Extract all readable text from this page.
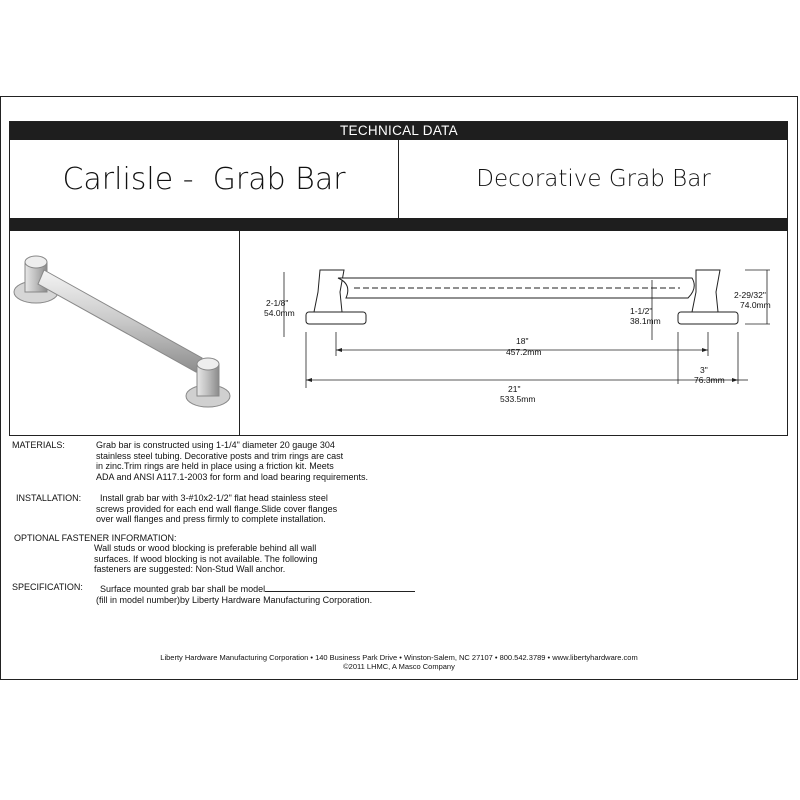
TECHNICAL DATA
Carlisle -  Grab Bar	Decorative Grab Bar
2-1/8"
54.0mm
2-29/32"
74.0mm
1-1/2"
38.1mm
18"
457.2mm
3"
76.3mm
21"
533.5mm
MATERIALS:	Grab bar is constructed using 1-1/4" diameter 20 gauge 304
stainless steel tubing. Decorative posts and trim rings are cast
in zinc.Trim rings are held in place using a friction kit. Meets
ADA and ANSI A117.1-2003 for form and load bearing requirements.
INSTALLATION:	Install grab bar with 3-#10x2-1/2" flat head stainless steel
screws provided for each end wall flange.Slide cover flanges
over wall flanges and press firmly to complete installation.
OPTIONAL FASTENER INFORMATION:
Wall studs or wood blocking is preferable behind all wall
surfaces. If wood blocking is not available. The following
fasteners are suggested: Non-Stud Wall anchor.
SPECIFICATION: Surface mounted grab bar shall be model
(fill in model number)by Liberty Hardware Manufacturing Corporation.
Liberty Hardware Manufacturing Corporation • 140 Business Park Drive • Winston-Salem, NC 27107 • 800.542.3789 • www.libertyhardware.com
©2011 LHMC, A Masco Company
